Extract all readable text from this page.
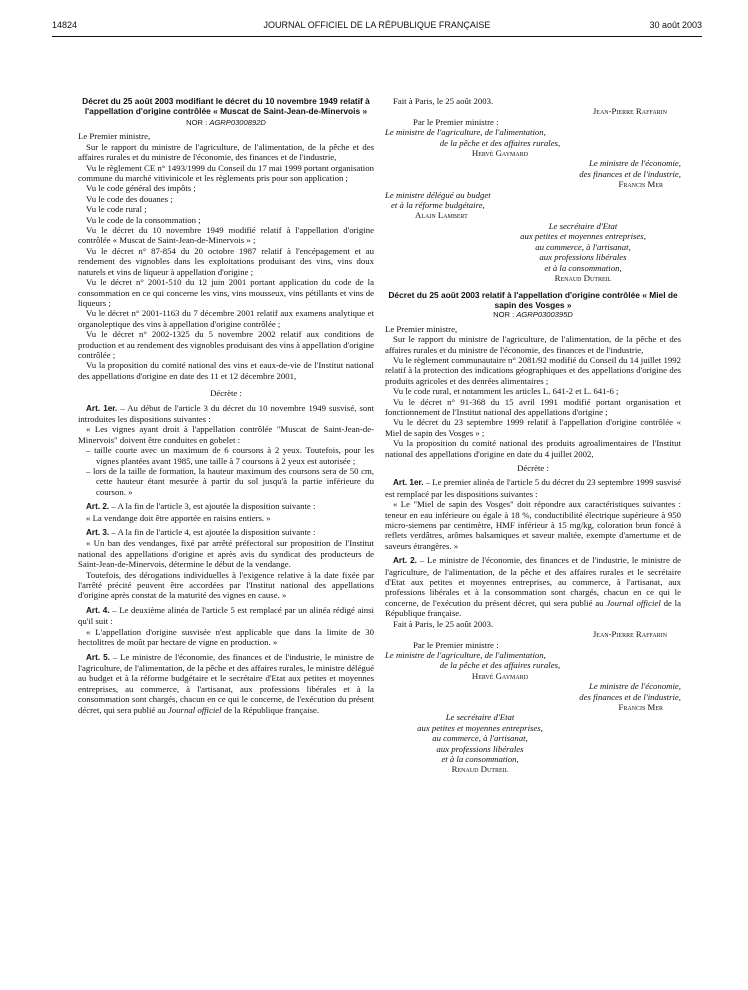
14824	JOURNAL OFFICIEL DE LA RÉPUBLIQUE FRANÇAISE	30 août 2003
Décret du 25 août 2003 modifiant le décret du 10 novembre 1949 relatif à l'appellation d'origine contrôlée « Muscat de Saint-Jean-de-Minervois »
NOR : AGRP0300892D

Le Premier ministre,

Sur le rapport du ministre de l'agriculture, de l'alimentation, de la pêche et des affaires rurales et du ministre de l'économie, des finances et de l'industrie,

Vu le règlement CE n° 1493/1999 du Conseil du 17 mai 1999 portant organisation commune du marché vitivinicole et les règlements pris pour son application ;

Vu le code général des impôts ;

Vu le code des douanes ;

Vu le code rural ;

Vu le code de la consommation ;

Vu le décret du 10 novembre 1949 modifié relatif à l'appellation d'origine contrôlée « Muscat de Saint-Jean-de-Minervois » ;

Vu le décret n° 87-854 du 20 octobre 1987 relatif à l'encépagement et au rendement des vignobles dans les exploitations produisant des vins, vins doux naturels et vins de liqueur à appellation d'origine ;

Vu le décret n° 2001-510 du 12 juin 2001 portant application du code de la consommation en ce qui concerne les vins, vins mousseux, vins pétillants et vins de liqueurs ;

Vu le décret n° 2001-1163 du 7 décembre 2001 relatif aux examens analytique et organoleptique des vins à appellation d'origine contrôlée ;

Vu le décret n° 2002-1325 du 5 novembre 2002 relatif aux conditions de production et au rendement des vignobles produisant des vins à appellation d'origine contrôlée ;

Vu la proposition du comité national des vins et eaux-de-vie de l'Institut national des appellations d'origine en date des 11 et 12 décembre 2001,

Décrète :

Art. 1er. – Au début de l'article 3 du décret du 10 novembre 1949 susvisé, sont introduites les dispositions suivantes :

« Les vignes ayant droit à l'appellation contrôlée "Muscat de Saint-Jean-de-Minervois" doivent être conduites en gobelet :

– taille courte avec un maximum de 6 coursons à 2 yeux. Toutefois, pour les vignes plantées avant 1985, une taille à 7 coursons à 2 yeux est autorisée ;

– lors de la taille de formation, la hauteur maximum des coursons sera de 50 cm, cette hauteur étant mesurée à partir du sol jusqu'à la partie inférieure du courson. »

Art. 2. – A la fin de l'article 3, est ajoutée la disposition suivante :

« La vendange doit être apportée en raisins entiers. »

Art. 3. – A la fin de l'article 4, est ajoutée la disposition suivante :

« Un ban des vendanges, fixé par arrêté préfectoral sur proposition de l'Institut national des appellations d'origine et après avis du syndicat des producteurs de Saint-Jean-de-Minervois, détermine le début de la vendange.

Toutefois, des dérogations individuelles à l'exigence relative à la date fixée par l'arrêté précité peuvent être accordées par l'Institut national des appellations d'origine après constat de la maturité des vignes en cause. »

Art. 4. – Le deuxième alinéa de l'article 5 est remplacé par un alinéa rédigé ainsi qu'il suit :

« L'appellation d'origine susvisée n'est applicable que dans la limite de 30 hectolitres de moût par hectare de vigne en production. »

Art. 5. – Le ministre de l'économie, des finances et de l'industrie, le ministre de l'agriculture, de l'alimentation, de la pêche et des affaires rurales, le ministre délégué au budget et à la réforme budgétaire et le secrétaire d'Etat aux petites et moyennes entreprises, au commerce, à l'artisanat, aux professions libérales et à la consommation sont chargés, chacun en ce qui le concerne, de l'exécution du présent décret, qui sera publié au Journal officiel de la République française.

Fait à Paris, le 25 août 2003.

Jean-Pierre Raffarin

Par le Premier ministre :

Le ministre de l'agriculture, de l'alimentation,

de la pêche et des affaires rurales,

Hervé Gaymard

Le ministre de l'économie,

des finances et de l'industrie,

Francis Mer

Le ministre délégué au budget

et à la réforme budgétaire,

Alain Lambert

Le secrétaire d'Etat

aux petites et moyennes entreprises,

au commerce, à l'artisanat,

aux professions libérales

et à la consommation,

Renaud Dutreil

Décret du 25 août 2003 relatif à l'appellation d'origine contrôlée « Miel de sapin des Vosges »
NOR : AGRP0300395D

Le Premier ministre,

Sur le rapport du ministre de l'agriculture, de l'alimentation, de la pêche et des affaires rurales et du ministre de l'économie, des finances et de l'industrie,

Vu le règlement communautaire n° 2081/92 modifié du Conseil du 14 juillet 1992 relatif à la protection des indications géographiques et des appellations d'origine des produits agricoles et des denrées alimentaires ;

Vu le code rural, et notamment les articles L. 641-2 et L. 641-6 ;

Vu le décret n° 91-368 du 15 avril 1991 modifié portant organisation et fonctionnement de l'Institut national des appellations d'origine ;

Vu le décret du 23 septembre 1999 relatif à l'appellation d'origine contrôlée « Miel de sapin des Vosges » ;

Vu la proposition du comité national des produits agroalimentaires de l'Institut national des appellations d'origine en date du 4 juillet 2002,

Décrète :

Art. 1er. – Le premier alinéa de l'article 5 du décret du 23 septembre 1999 susvisé est remplacé par les dispositions suivantes :

« Le "Miel de sapin des Vosges" doit répondre aux caractéristiques suivantes : teneur en eau inférieure ou égale à 18 %, conductibilité électrique supérieure à 950 micro-siemens par centimètre, HMF inférieur à 15 mg/kg, coloration brun foncé à reflets verdâtres, arômes balsamiques et saveur maltée, exempte d'amertume et de saveurs étrangères. »

Art. 2. – Le ministre de l'économie, des finances et de l'industrie, le ministre de l'agriculture, de l'alimentation, de la pêche et des affaires rurales et le secrétaire d'Etat aux petites et moyennes entreprises, au commerce, à l'artisanat, aux professions libérales et à la consommation sont chargés, chacun en ce qui le concerne, de l'exécution du présent décret, qui sera publié au Journal officiel de la République française.

Fait à Paris, le 25 août 2003.

Jean-Pierre Raffarin

Par le Premier ministre :

Le ministre de l'agriculture, de l'alimentation,

de la pêche et des affaires rurales,

Hervé Gaymard

Le ministre de l'économie,

des finances et de l'industrie,

Francis Mer

Le secrétaire d'Etat

aux petites et moyennes entreprises,

au commerce, à l'artisanat,

aux professions libérales

et à la consommation,

Renaud Dutreil
